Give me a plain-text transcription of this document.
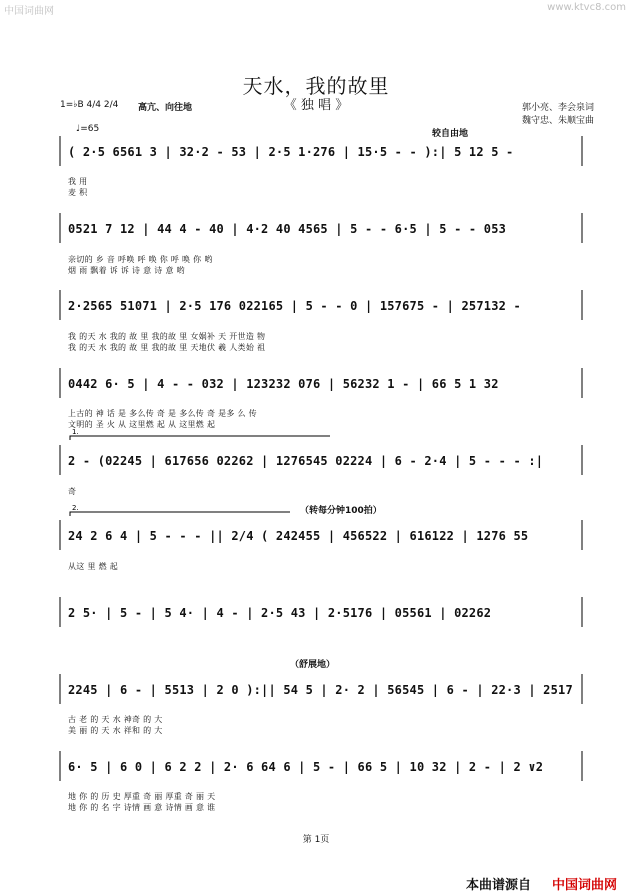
中国词曲网	www.ktvc8.com
天水，我的故里
《 独 唱 》
1=♭B 4/4 2/4
♩=65
高亢、向往地
较自由地
（转每分钟100拍）
（舒展地）
郭小亮、李会泉词
魏守忠、朱顺宝曲
1.
2.
( 2·5 6561 3 | 32·2 - 53 | 2·5 1·276 | 15·5 - - ):| 5 12 5 -
我 用
麦 积
0521 7 12 | 44 4 - 40 | 4·2 40 4565 | 5 - - 6·5 | 5 - - 053
亲切的 乡 音 呼唤 呼 唤 你 呼 唤 你 哟
烟 雨 飘着 诉 诉 诗 意 诗 意 哟
2·2565 51071 | 2·5 176 022165 | 5 - - 0 | 157675 - | 257132 -
我 的天 水 我的 故 里 我的故 里 女娲补 天 开世造 物
我 的天 水 我的 故 里 我的故 里 天地伏 羲 人类始 祖
0442 6· 5 | 4 - - 032 | 123232 076 | 56232 1 - | 66 5 1 32
上古的 神 话 是 多么传 奇 是 多么传 奇 是多 么 传
文明的 圣 火 从 这里燃 起 从 这里燃 起
2 - (02245 | 617656 02262 | 1276545 02224 | 6 - 2·4 | 5 - - - :|
奇
24 2 6 4 | 5 - - - || 2/4 ( 242455 | 456522 | 616122 | 1276 55
从这 里 燃 起
2 5· | 5 - | 5 4· | 4 - | 2·5 43 | 2·5176 | 05561 | 02262
2245 | 6 - | 5513 | 2 0 ):|| 54 5 | 2· 2 | 56545 | 6 - | 22·3 | 2517
古 老 的 天 水 神奇 的 大
美 丽 的 天 水 祥和 的 大
6· 5 | 6 0 | 6 2 2 | 2· 6 64 6 | 5 - | 66 5 | 10 32 | 2 - | 2 ∨2
地 你 的 历 史 厚重 奇 丽 厚重 奇 丽 天
地 你 的 名 字 诗情 画 意 诗情 画 意 谁
第 1页
本曲谱源自 中国词曲网
